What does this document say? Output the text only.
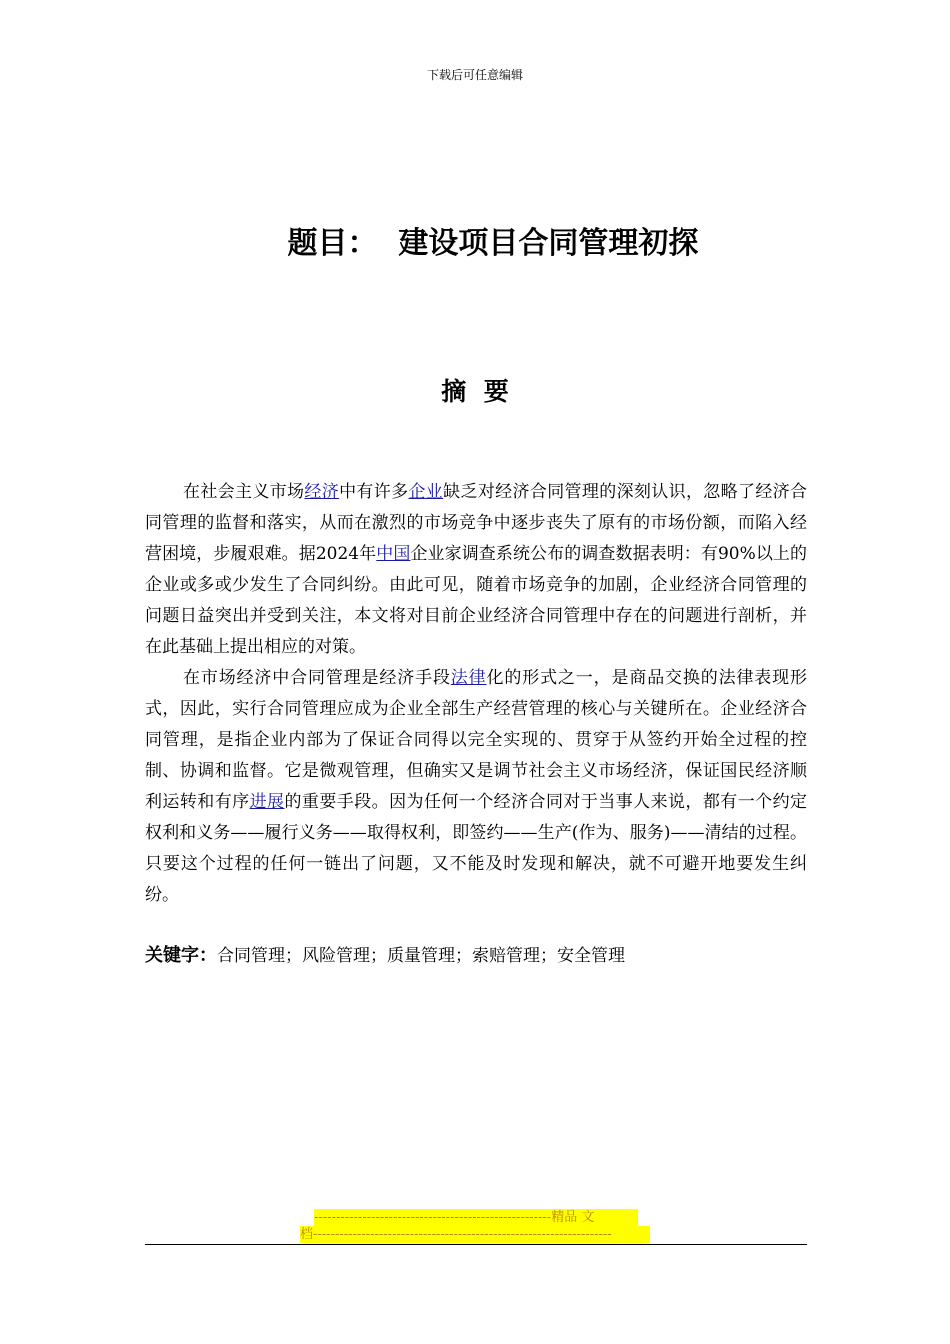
下载后可任意编辑
题目：  建设项目合同管理初探
摘  要

在社会主义市场经济中有许多企业缺乏对经济合同管理的深刻认识，忽略了经济合同管理的监督和落实，从而在激烈的市场竞争中逐步丧失了原有的市场份额，而陷入经营困境，步履艰难。据2024年中国企业家调查系统公布的调查数据表明：有90%以上的企业或多或少发生了合同纠纷。由此可见，随着市场竞争的加剧，企业经济合同管理的问题日益突出并受到关注，本文将对目前企业经济合同管理中存在的问题进行剖析，并在此基础上提出相应的对策。

在市场经济中合同管理是经济手段法律化的形式之一，是商品交换的法律表现形式，因此，实行合同管理应成为企业全部生产经营管理的核心与关键所在。企业经济合同管理，是指企业内部为了保证合同得以完全实现的、贯穿于从签约开始全过程的控制、协调和监督。它是微观管理，但确实又是调节社会主义市场经济，保证国民经济顺利运转和有序进展的重要手段。因为任何一个经济合同对于当事人来说，都有一个约定权利和义务——履行义务——取得权利，即签约——生产(作为、服务)——清结的过程。只要这个过程的任何一链出了问题，又不能及时发现和解决，就不可避开地要发生纠纷。

关键字：合同管理；风险管理；质量管理；索赔管理；安全管理
------------------------------------------------------精品 文
档--------------------------------------------------------------------
